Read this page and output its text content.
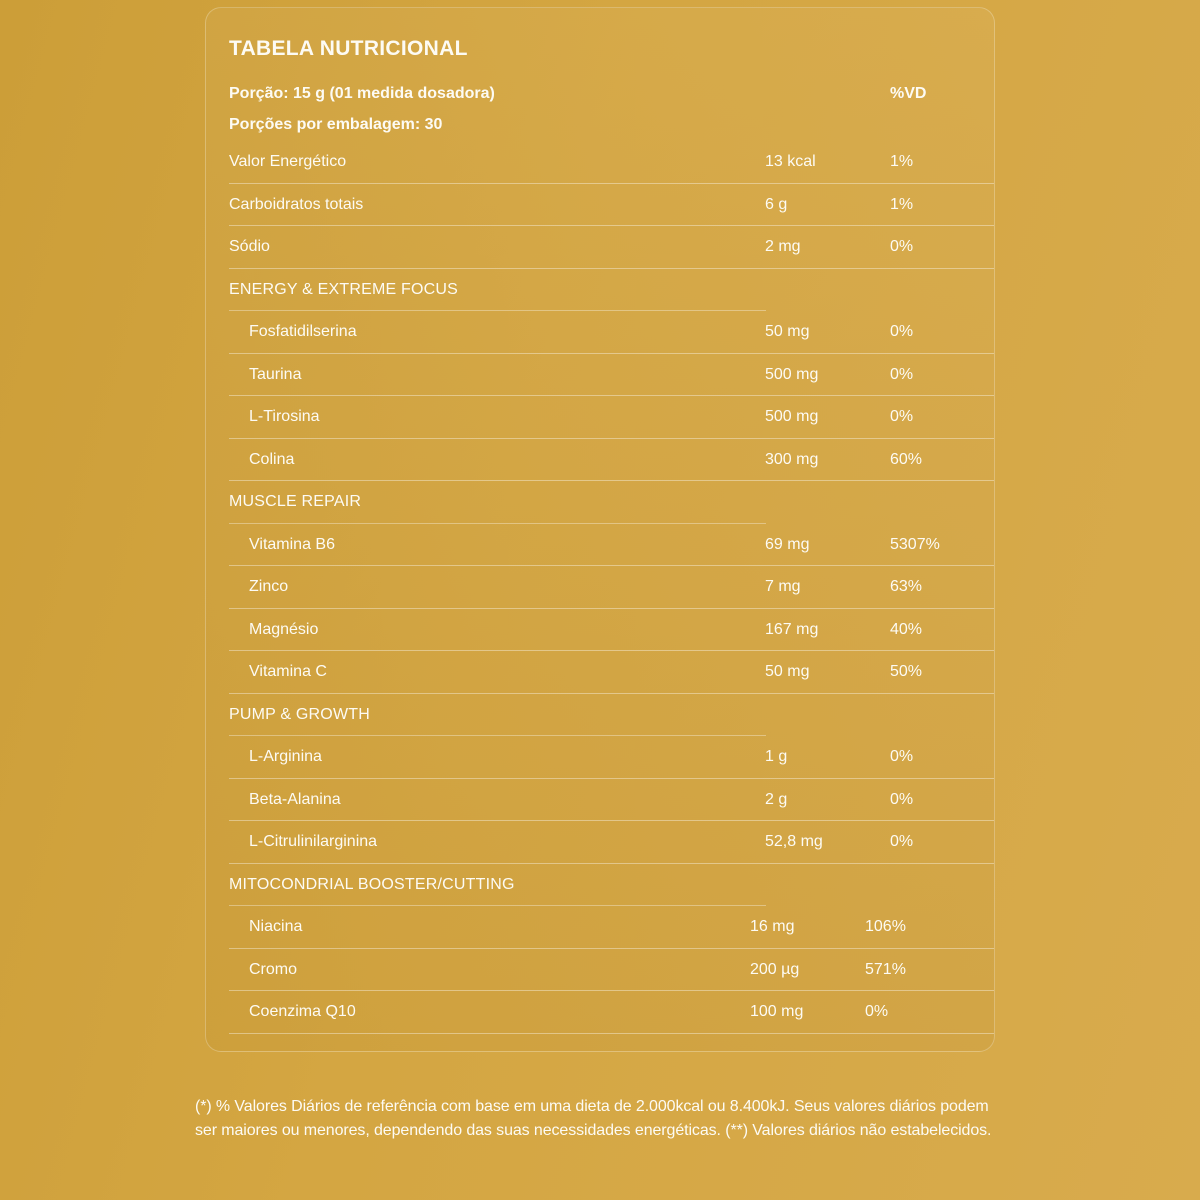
TABELA NUTRICIONAL
Porção: 15 g (01 medida dosadora)	%VD
Porções por embalagem: 30
Valor Energético	13 kcal	1%
Carboidratos totais	6 g	1%
Sódio	2 mg	0%
ENERGY & EXTREME FOCUS
Fosfatidilserina	50 mg	0%
Taurina	500 mg	0%
L-Tirosina	500 mg	0%
Colina	300 mg	60%
MUSCLE REPAIR
Vitamina B6	69 mg	5307%
Zinco	7 mg	63%
Magnésio	167 mg	40%
Vitamina C	50 mg	50%
PUMP & GROWTH
L-Arginina	1 g	0%
Beta-Alanina	2 g	0%
L-Citrulinilarginina	52,8 mg	0%
MITOCONDRIAL BOOSTER/CUTTING
Niacina	16 mg	106%
Cromo	200 µg	571%
Coenzima Q10	100 mg	0%

(*) % Valores Diários de referência com base em uma dieta de 2.000kcal ou 8.400kJ. Seus valores diários podem ser maiores ou menores, dependendo das suas necessidades energéticas. (**) Valores diários não estabelecidos.
